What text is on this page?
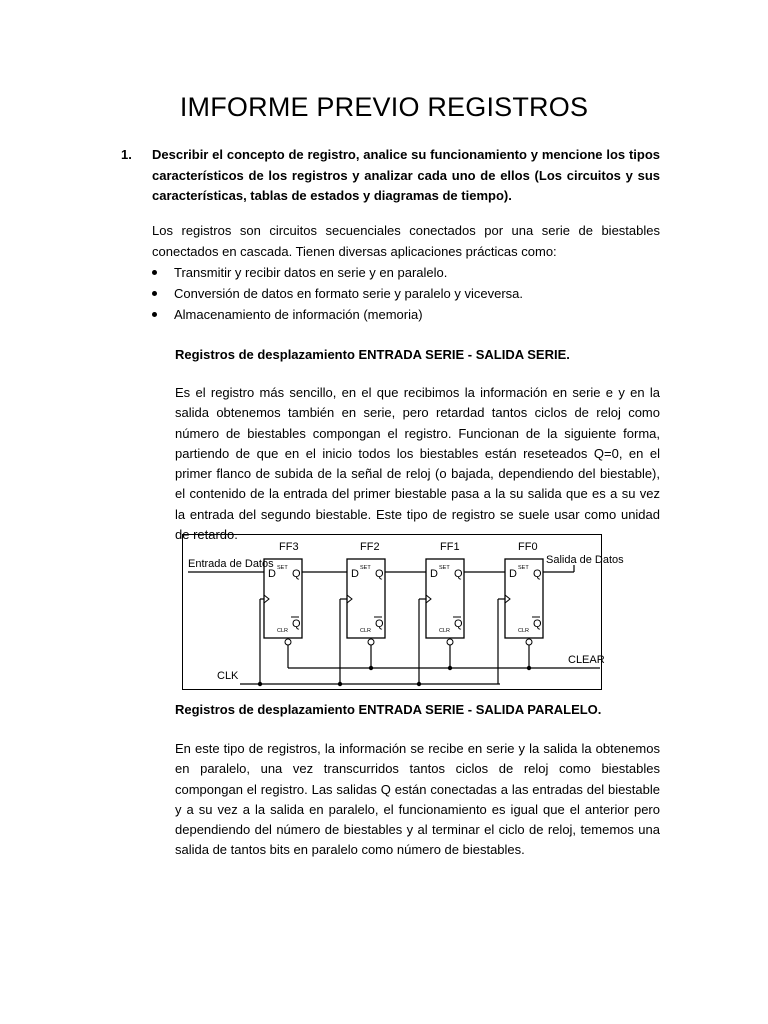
IMFORME PREVIO REGISTROS
1. Describir el concepto de registro, analice su funcionamiento y mencione los tipos característicos de los registros y analizar cada uno de ellos (Los circuitos y sus características, tablas de estados y diagramas de tiempo).

Los registros son circuitos secuenciales conectados por una serie de biestables conectados en cascada. Tienen diversas aplicaciones prácticas como:

Transmitir y recibir datos en serie y en paralelo.
Conversión de datos en formato serie y paralelo y viceversa.
Almacenamiento de información (memoria)

Registros de desplazamiento ENTRADA SERIE - SALIDA SERIE.

Es el registro más sencillo, en el que recibimos la información en serie e y en la salida obtenemos también en serie, pero retardad tantos ciclos de reloj como número de biestables compongan el registro. Funcionan de la siguiente forma, partiendo de que en el inicio todos los biestables están reseteados Q=0, en el primer flanco de subida de la señal de reloj (o bajada, dependiendo del biestable), el contenido de la entrada del primer biestable pasa a la su salida que es a su vez la entrada del segundo biestable. Este tipo de registro se suele usar como unidad de retardo.

Entrada de Datos	Salida de Datos
CLK
CLEAR
FF3
D SET Q
Q
CLR
FF2
D SET Q
Q
CLR
FF1
D SET Q
Q
CLR
FF0
D SET Q
Q
CLR

Registros de desplazamiento ENTRADA SERIE - SALIDA PARALELO.

En este tipo de registros, la información se recibe en serie y la salida la obtenemos en paralelo, una vez transcurridos tantos ciclos de reloj como biestables compongan el registro. Las salidas Q están conectadas a las entradas del biestable y a su vez a la salida en paralelo, el funcionamiento es igual que el anterior pero dependiendo del número de biestables y al terminar el ciclo de reloj, tememos una salida de tantos bits en paralelo como número de biestables.
